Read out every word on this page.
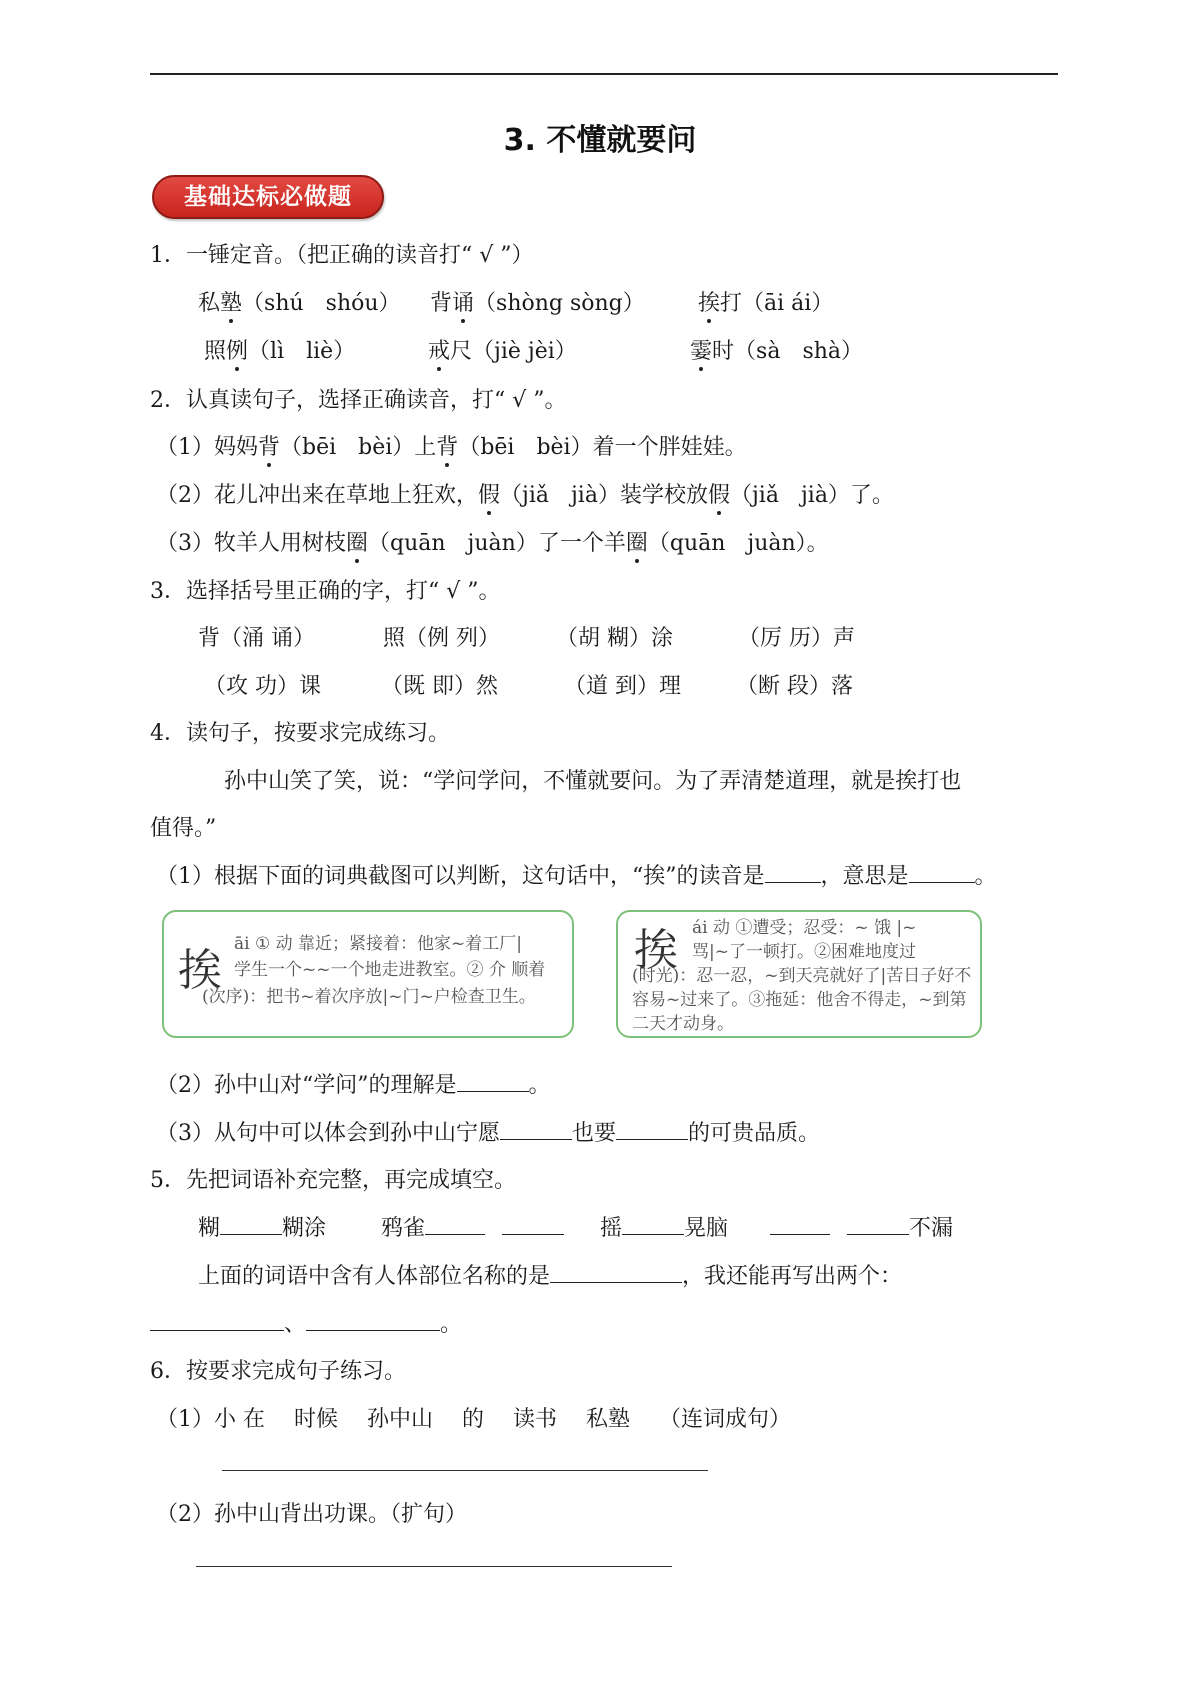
3. 不懂就要问
基础达标必做题
1．一锤定音。（把正确的读音打“ √ ”）
私塾（shú　shóu） 背诵（shòng sòng） 挨打（āi ái）
照例（lì　liè）	戒尺（jiè jèi）	霎时（sà　shà）
2．认真读句子，选择正确读音，打“ √ ”。
（1）妈妈背（bēi　bèi）上背（bēi　bèi）着一个胖娃娃。
（2）花儿冲出来在草地上狂欢，假（jiǎ　jià）装学校放假（jiǎ　jià）了。
（3）牧羊人用树枝圈（quān　juàn）了一个羊圈（quān　juàn）。
3．选择括号里正确的字，打“ √ ”。
背（涌 诵）	照（例 列）	（胡 糊）涂	（厉 历）声
（攻 功）课	（既 即）然	（道 到）理	（断 段）落
4．读句子，按要求完成练习。
孙中山笑了笑，说：“学问学问，不懂就要问。为了弄清楚道理，就是挨打也
值得。”
（1）根据下面的词典截图可以判断，这句话中，“挨”的读音是	，意思是	。
挨
āi ① 动 靠近；紧接着：他家~着工厂|
学生一个~~一个地走进教室。② 介 顺着
(次序)：把书~着次序放|~门~户检查卫生。
挨 ái 动 ①遭受；忍受：~ 饿 |~
骂|~了一顿打。②困难地度过
(时光)：忍一忍，~到天亮就好了|苦日子好不
容易~过来了。③拖延：他舍不得走，~到第
二天才动身。
（2）孙中山对“学问”的理解是	。
（3）从句中可以体会到孙中山宁愿	也要	的可贵品质。
5．先把词语补充完整，再完成填空。
糊	糊涂 鸦雀	摇	晃脑	不漏
上面的词语中含有人体部位名称的是	，我还能再写出两个：
、	。
6．按要求完成句子练习。
（1）小 在　 时候　 孙中山　 的　 读书　 私塾　 （连词成句）
（2）孙中山背出功课。（扩句）
